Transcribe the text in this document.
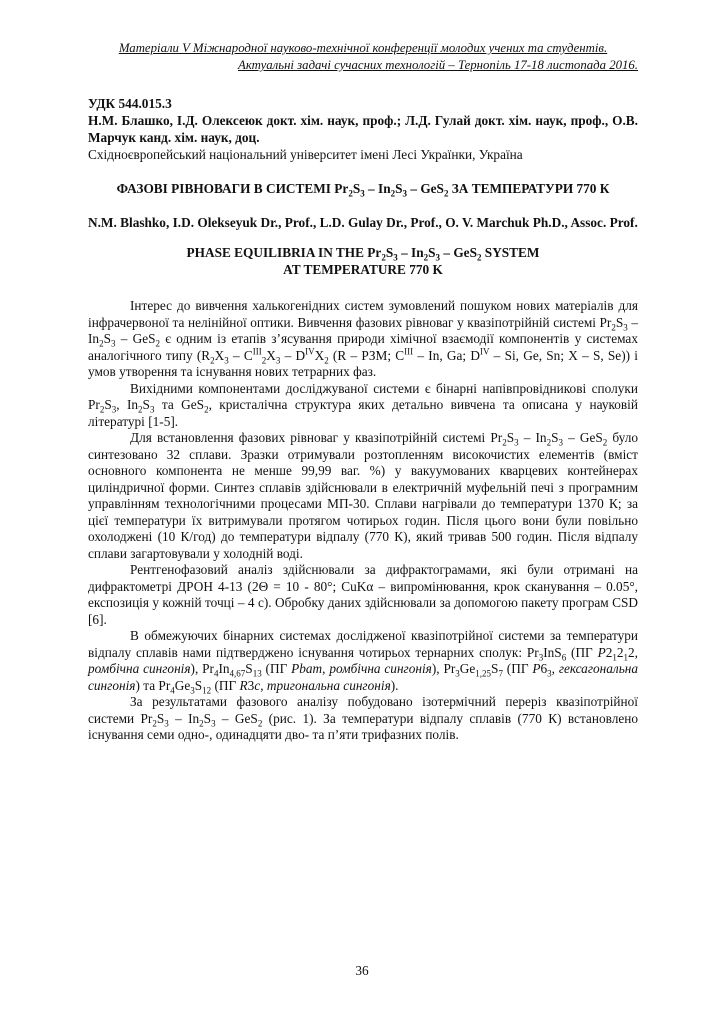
Матеріали V Міжнародної науково-технічної конференції молодих учених та студентів.

Актуальні задачі сучасних технологій – Тернопіль 17-18 листопада 2016.

УДК 544.015.3

Н.М. Блашко, І.Д. Олексеюк докт. хім. наук, проф.; Л.Д. Гулай докт. хім. наук, проф., О.В. Марчук канд. хім. наук, доц.

Східноєвропейський національний університет імені Лесі Українки, Україна

ФАЗОВІ РІВНОВАГИ В СИСТЕМІ $Pr_2S_3 - In_2S_3 - GeS_2$ ЗА ТЕМПЕРАТУРИ 770 К

N.M. Blashko, I.D. Olekseyuk Dr., Prof., L.D. Gulay Dr., Prof., O. V. Marchuk Ph.D., Assoc. Prof.

PHASE EQUILIBRIA IN THE $Pr_2S_3 - In_2S_3 - GeS_2$ SYSTEM

AT TEMPERATURE 770 K

Інтерес до вивчення халькогенідних систем зумовлений пошуком нових матеріалів для інфрачервоної та нелінійної оптики. Вивчення фазових рівноваг у квазіпотрійній системі $Pr_2S_3 - In_2S_3 - GeS_2$ є одним із етапів з’ясування природи хімічної взаємодії компонентів у системах аналогічного типу ($R_2X_3 - C^{III}_2X_3 - D^{IV}X_2$ (R – РЗМ; $C^{III}$ – In, Ga; $D^{IV}$ – Si, Ge, Sn; X – S, Se)) і умов утворення та існування нових тетрарних фаз.

Вихідними компонентами досліджуваної системи є бінарні напівпровідникові сполуки $Pr_2S_3$, $In_2S_3$ та GeS$_2$, кристалічна структура яких детально вивчена та описана у науковій літературі [1-5].

Для встановлення фазових рівноваг у квазіпотрійній системі $Pr_2S_3 - In_2S_3 - GeS_2$ було синтезовано 32 сплави. Зразки отримували розтопленням високочистих елементів (вміст основного компонента не менше 99,99 ваг. %) у вакуумованих кварцевих контейнерах циліндричної форми. Синтез сплавів здійснювали в електричній муфельній печі з програмним управлінням технологічними процесами МП-30. Сплави нагрівали до температури 1370 К; за цієї температури їх витримували протягом чотирьох годин. Після цього вони були повільно охолоджені (10 К/год) до температури відпалу (770 К), який тривав 500 годин. Після відпалу сплави загартовували у холодній воді.

Рентгенофазовий аналіз здійснювали за дифрактограмами, які були отримані на дифрактометрі ДРОН 4-13 (2Θ = 10 - 80°; CuKα – випромінювання, крок сканування – 0.05°, експозиція у кожній точці – 4 с). Обробку даних здійснювали за допомогою пакету програм CSD [6].

В обмежуючих бінарних системах дослідженої квазіпотрійної системи за температури відпалу сплавів нами підтверджено існування чотирьох тернарних сполук: $Pr_3InS_6$ (ПГ $P2_12_12$, ромбічна сингонія), $Pr_4In_{4,67}S_{13}$ (ПГ Pbam, ромбічна сингонія), $Pr_3Ge_{1,25}S_7$ (ПГ $P6_3$, гексагональна сингонія) та $Pr_4Ge_3S_{12}$ (ПГ R3c, тригональна сингонія).

За результатами фазового аналізу побудовано ізотермічний переріз квазіпотрійної системи $Pr_2S_3 - In_2S_3 - GeS_2$ (рис. 1). За температури відпалу сплавів (770 К) встановлено існування семи одно-, одинадцяти дво- та п’яти трифазних полів.

36
